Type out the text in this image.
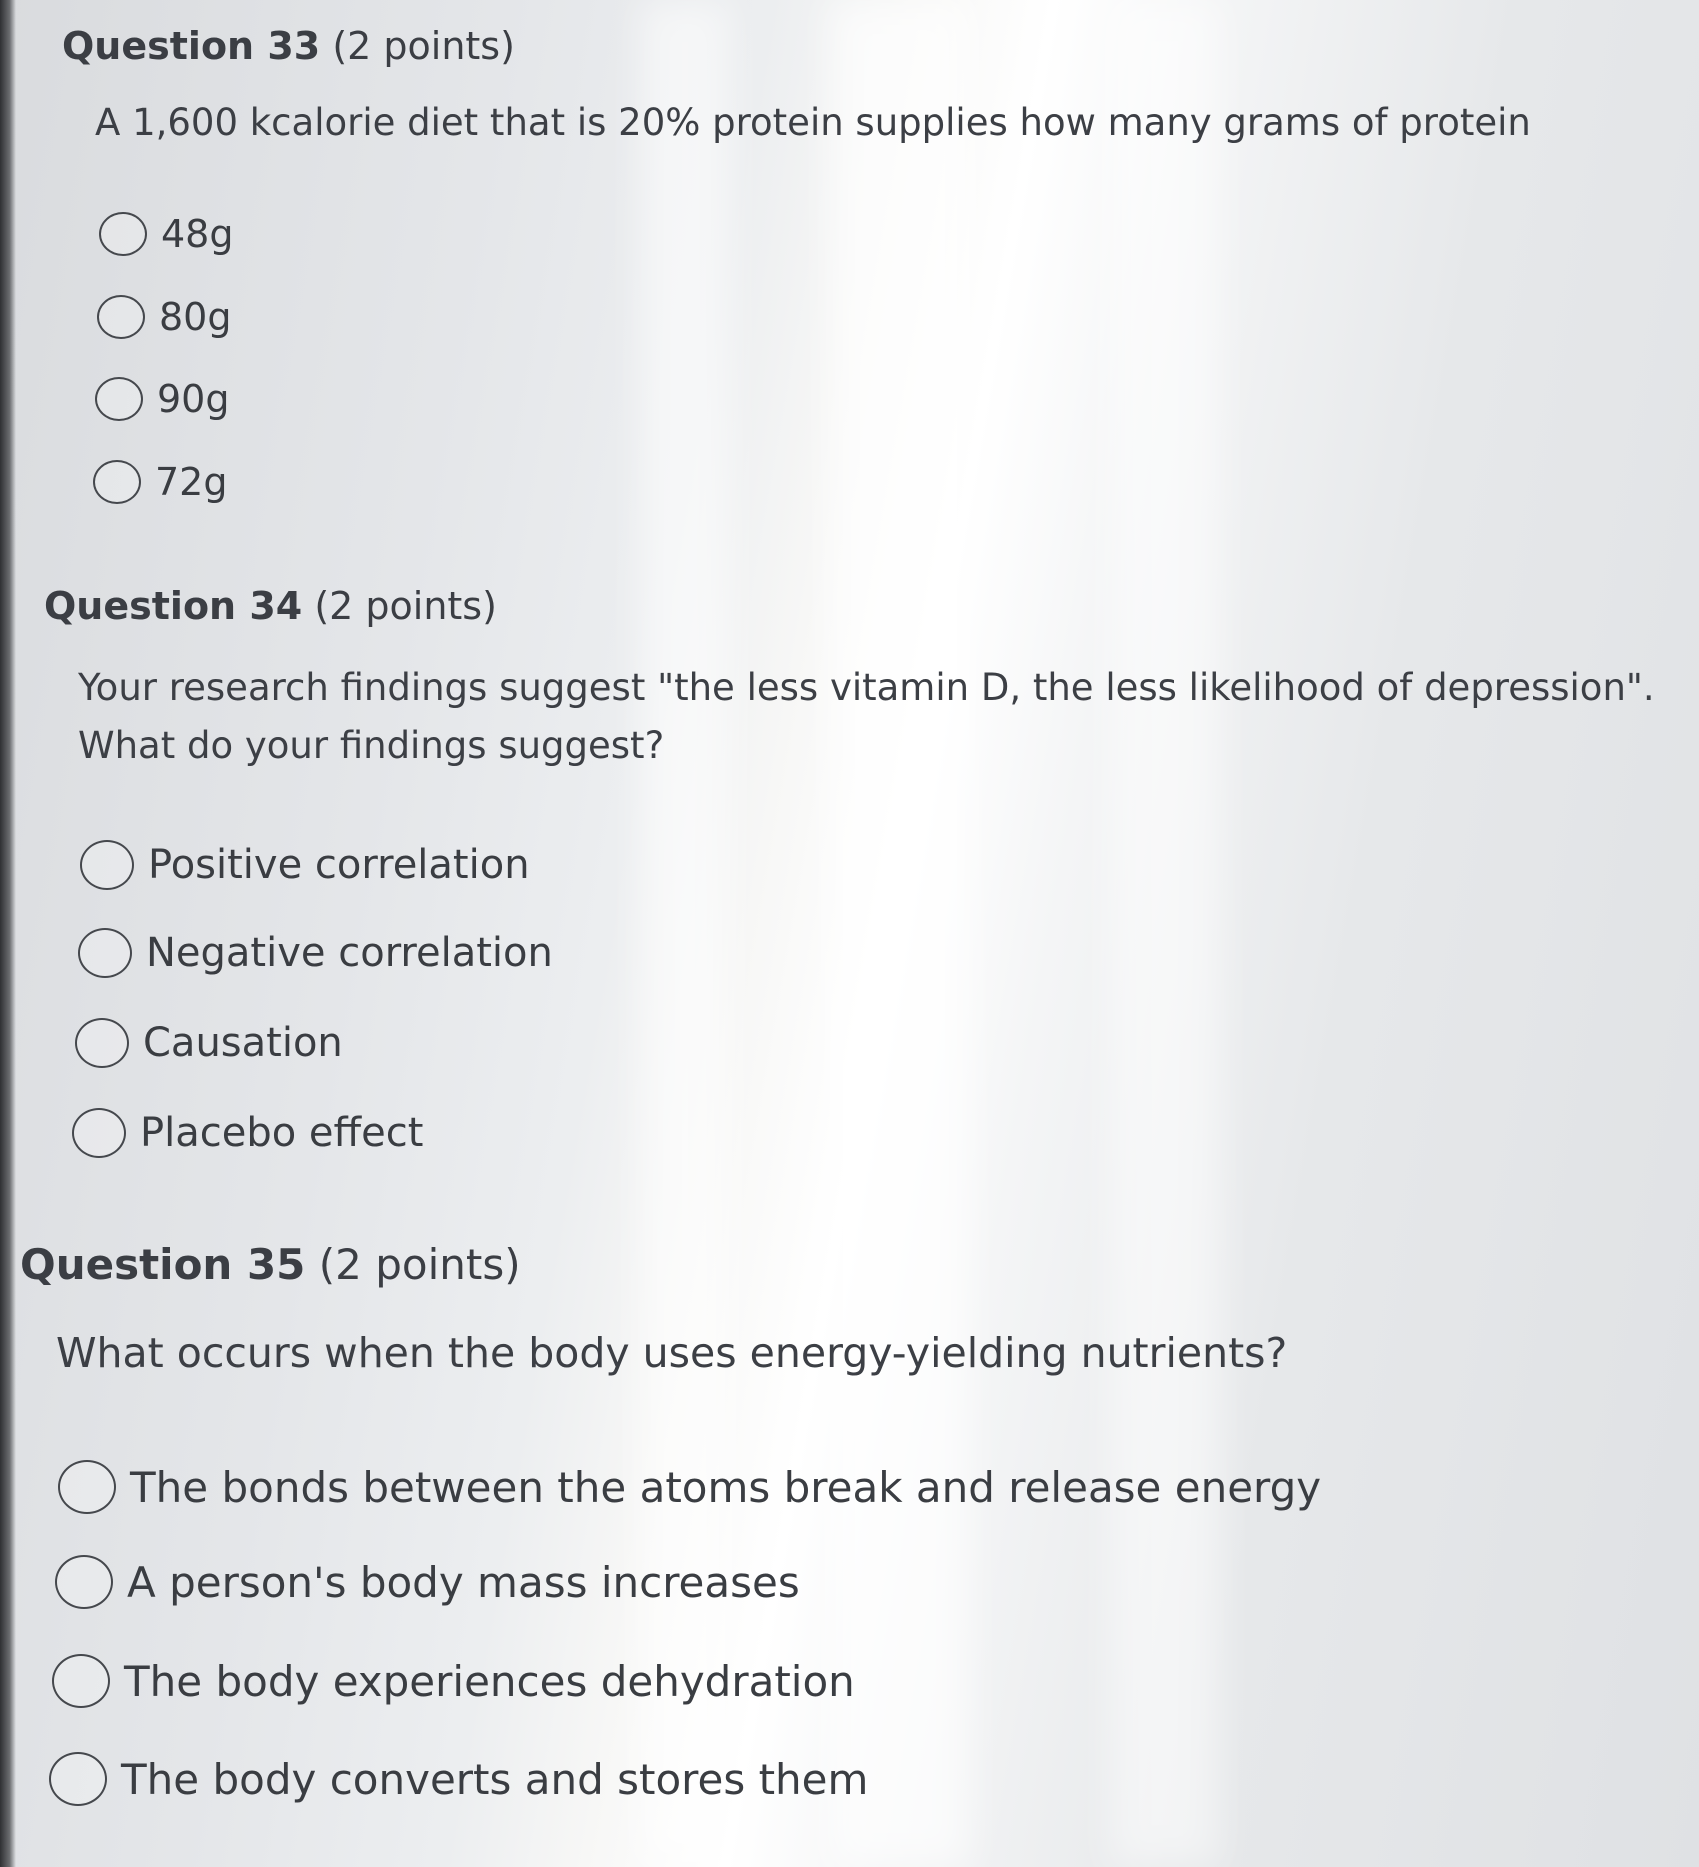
Question 33 (2 points)
A 1,600 kcalorie diet that is 20% protein supplies how many grams of protein
48g
80g
90g
72g
Question 34 (2 points)
Your research findings suggest "the less vitamin D, the less likelihood of depression".
What do your findings suggest?
Positive correlation
Negative correlation
Causation
Placebo effect
Question 35 (2 points)
What occurs when the body uses energy-yielding nutrients?
The bonds between the atoms break and release energy
A person's body mass increases
The body experiences dehydration
The body converts and stores them
